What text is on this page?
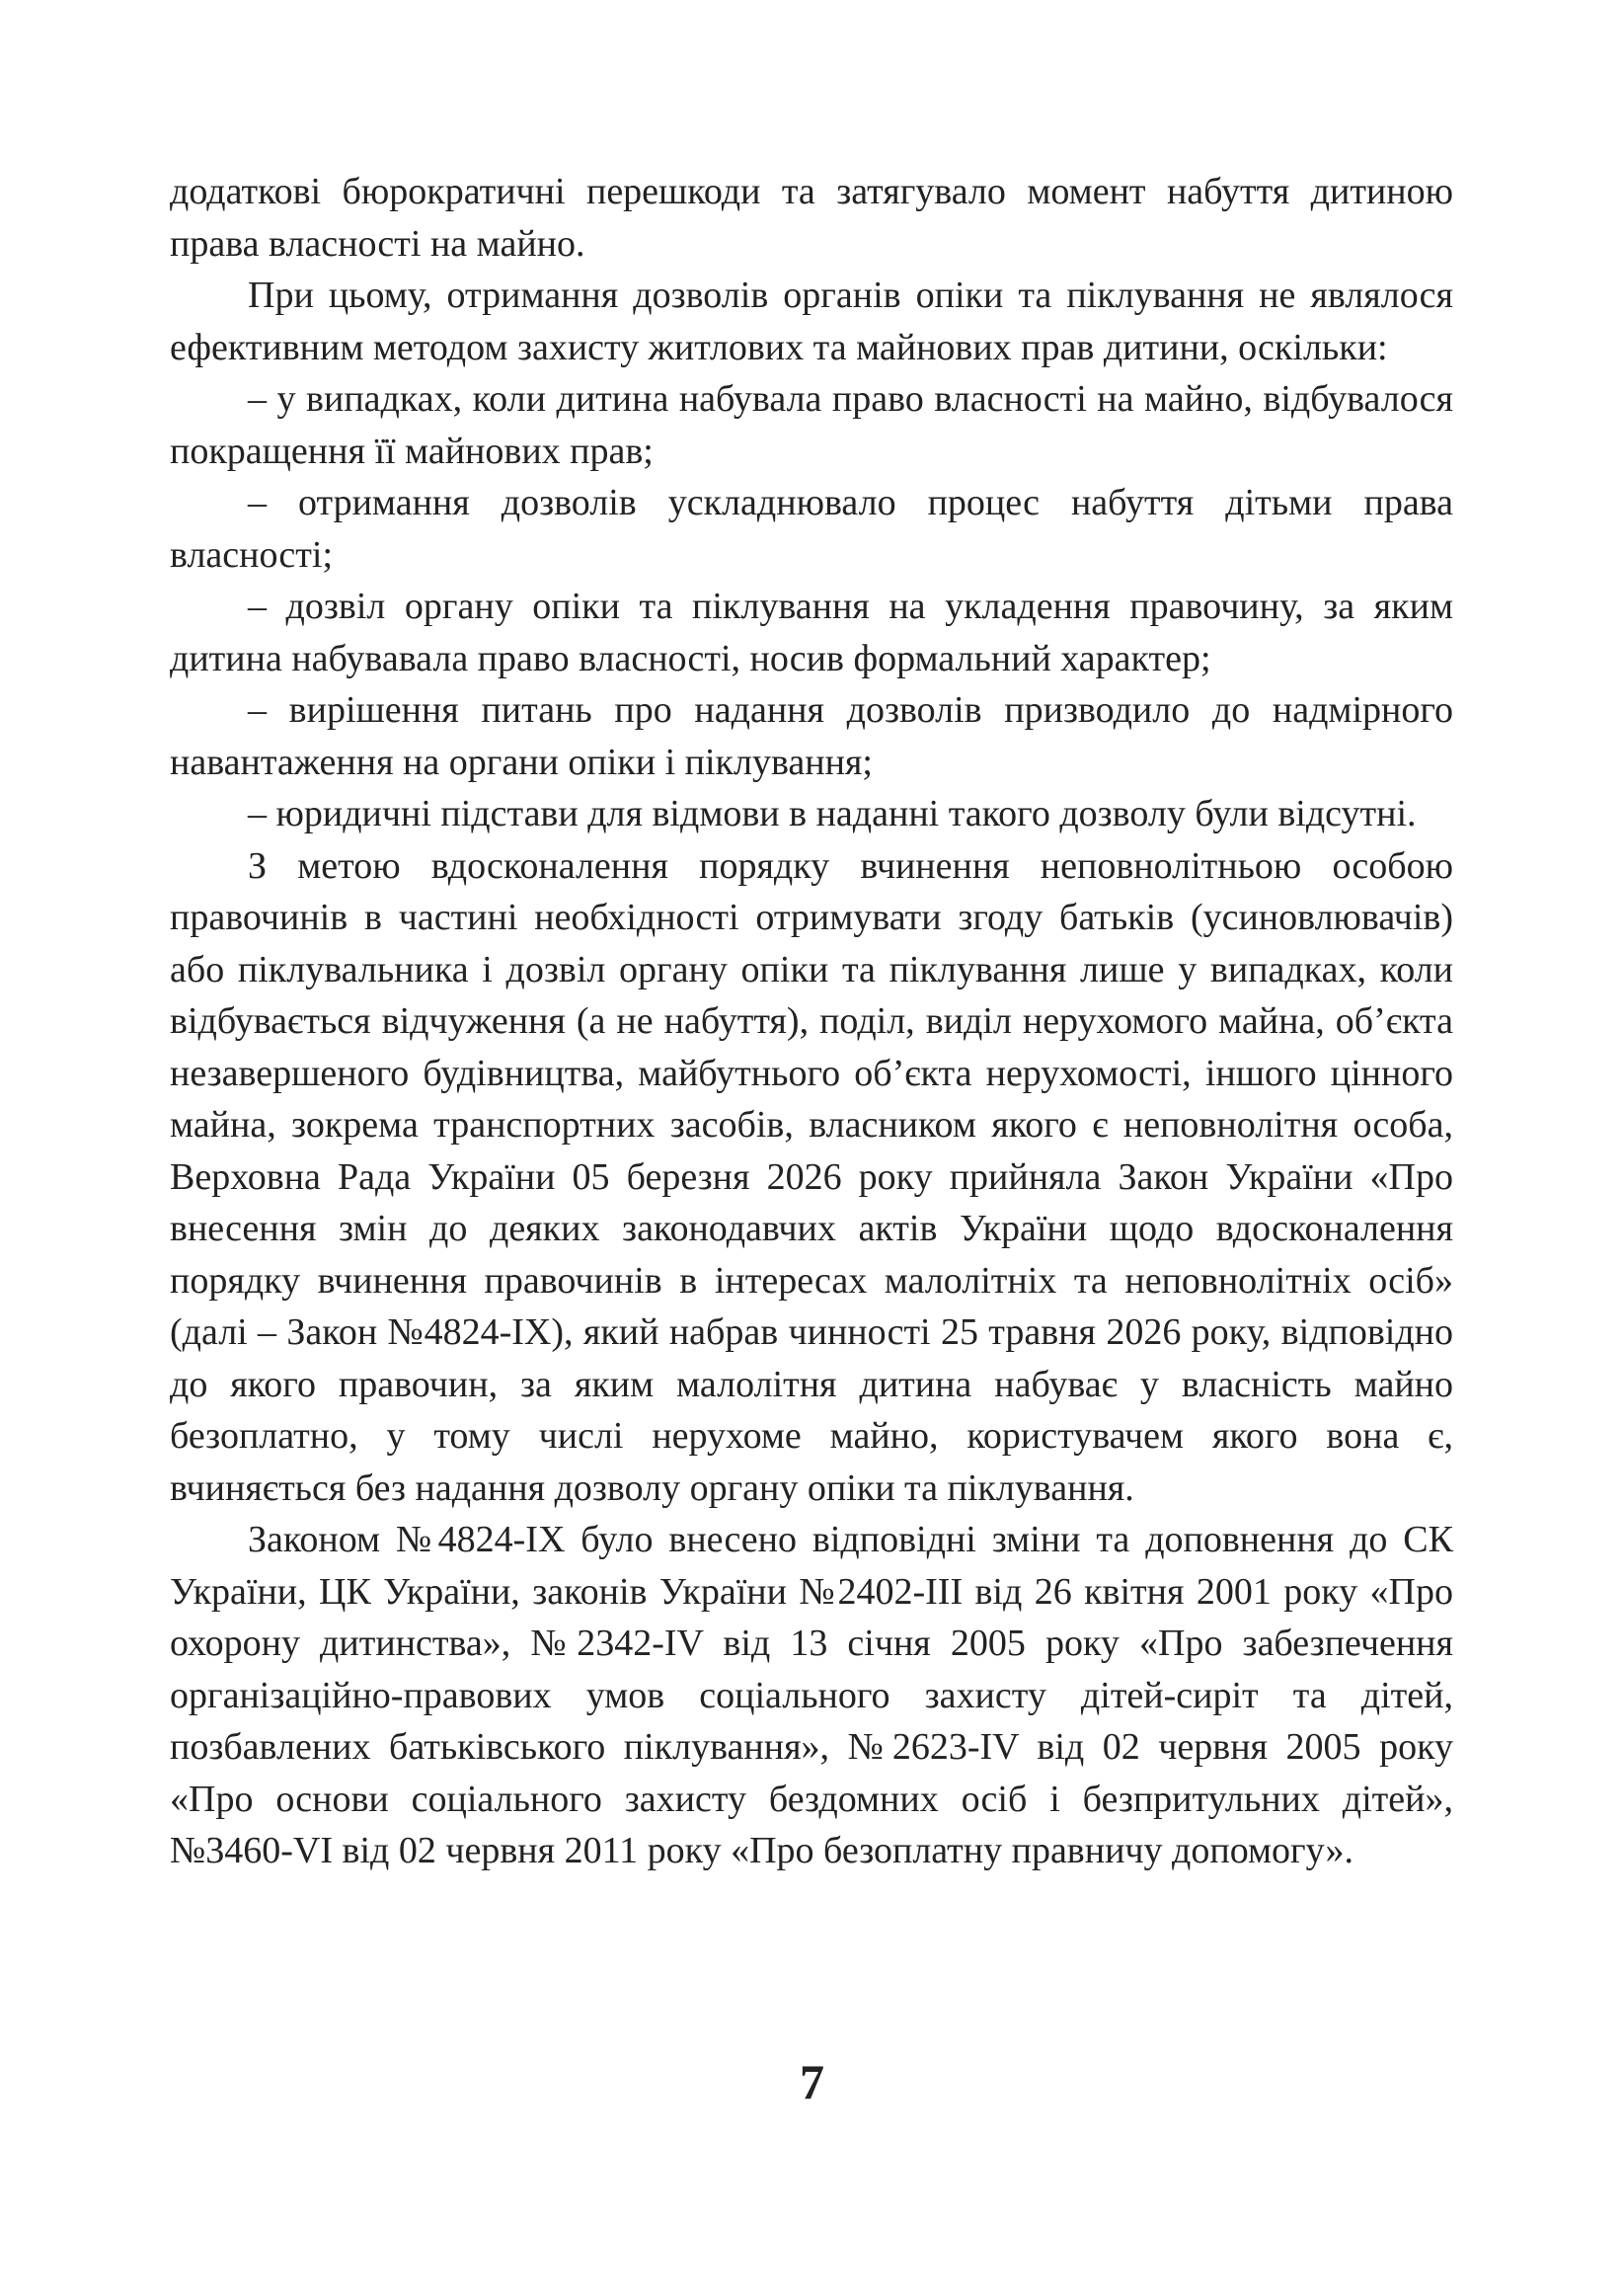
додаткові бюрократичні перешкоди та затягувало момент набуття дитиною права власності на майно.

При цьому, отримання дозволів органів опіки та піклування не являлося ефективним методом захисту житлових та майнових прав дитини, оскільки:

– у випадках, коли дитина набувала право власності на майно, відбувалося покращення її майнових прав;

– отримання дозволів ускладнювало процес набуття дітьми права власності;

– дозвіл органу опіки та піклування на укладення правочину, за яким дитина набувавала право власності, носив формальний характер;

– вирішення питань про надання дозволів призводило до надмірного навантаження на органи опіки і піклування;

– юридичні підстави для відмови в наданні такого дозволу були відсутні.

З метою вдосконалення порядку вчинення неповнолітньою особою правочинів в частині необхідності отримувати згоду батьків (усиновлювачів) або піклувальника і дозвіл органу опіки та піклування лише у випадках, коли відбувається відчуження (а не набуття), поділ, виділ нерухомого майна, об’єкта незавершеного будівництва, майбутнього об’єкта нерухомості, іншого цінного майна, зокрема транспортних засобів, власником якого є неповнолітня особа, Верховна Рада України 05 березня 2026 року прийняла Закон України «Про внесення змін до деяких законодавчих актів України щодо вдосконалення порядку вчинення правочинів в інтересах малолітніх та неповнолітніх осіб» (далі – Закон №4824-IX), який набрав чинності 25 травня 2026 року, відповідно до якого правочин, за яким малолітня дитина набуває у власність майно безоплатно, у тому числі нерухоме майно, користувачем якого вона є, вчиняється без надання дозволу органу опіки та піклування.

Законом №4824-IX було внесено відповідні зміни та доповнення до СК України, ЦК України, законів України №2402-III від 26 квітня 2001 року «Про охорону дитинства», №2342-IV від 13 січня 2005 року «Про забезпечення організаційно-правових умов соціального захисту дітей-сиріт та дітей, позбавлених батьківського піклування», №2623-IV від 02 червня 2005 року «Про основи соціального захисту бездомних осіб і безпритульних дітей», №3460-VI від 02 червня 2011 року «Про безоплатну правничу допомогу».

7
